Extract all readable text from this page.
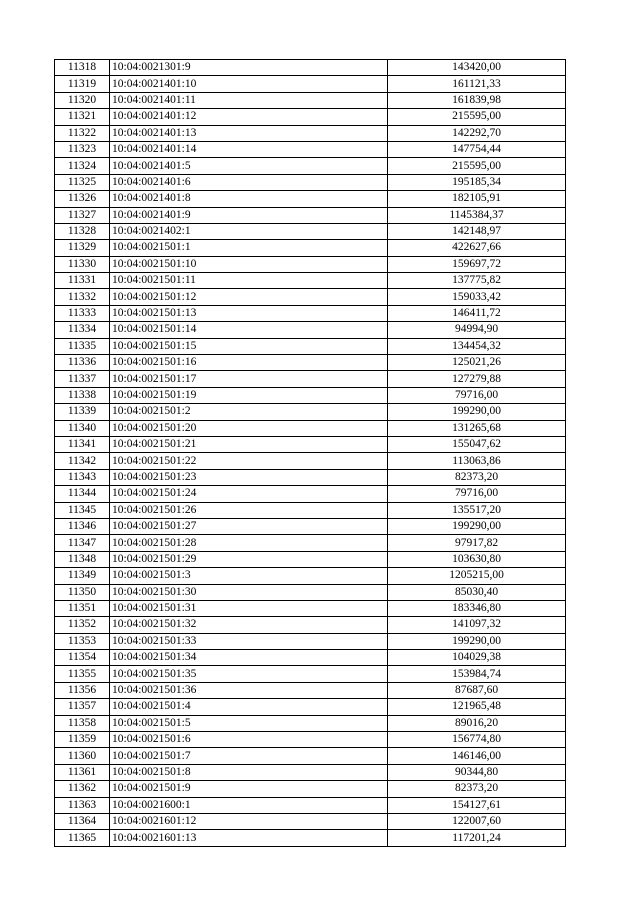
11318	10:04:0021301:9	143420,00
11319	10:04:0021401:10	161121,33
11320	10:04:0021401:11	161839,98
11321	10:04:0021401:12	215595,00
11322	10:04:0021401:13	142292,70
11323	10:04:0021401:14	147754,44
11324	10:04:0021401:5	215595,00
11325	10:04:0021401:6	195185,34
11326	10:04:0021401:8	182105,91
11327	10:04:0021401:9	1145384,37
11328	10:04:0021402:1	142148,97
11329	10:04:0021501:1	422627,66
11330	10:04:0021501:10	159697,72
11331	10:04:0021501:11	137775,82
11332	10:04:0021501:12	159033,42
11333	10:04:0021501:13	146411,72
11334	10:04:0021501:14	94994,90
11335	10:04:0021501:15	134454,32
11336	10:04:0021501:16	125021,26
11337	10:04:0021501:17	127279,88
11338	10:04:0021501:19	79716,00
11339	10:04:0021501:2	199290,00
11340	10:04:0021501:20	131265,68
11341	10:04:0021501:21	155047,62
11342	10:04:0021501:22	113063,86
11343	10:04:0021501:23	82373,20
11344	10:04:0021501:24	79716,00
11345	10:04:0021501:26	135517,20
11346	10:04:0021501:27	199290,00
11347	10:04:0021501:28	97917,82
11348	10:04:0021501:29	103630,80
11349	10:04:0021501:3	1205215,00
11350	10:04:0021501:30	85030,40
11351	10:04:0021501:31	183346,80
11352	10:04:0021501:32	141097,32
11353	10:04:0021501:33	199290,00
11354	10:04:0021501:34	104029,38
11355	10:04:0021501:35	153984,74
11356	10:04:0021501:36	87687,60
11357	10:04:0021501:4	121965,48
11358	10:04:0021501:5	89016,20
11359	10:04:0021501:6	156774,80
11360	10:04:0021501:7	146146,00
11361	10:04:0021501:8	90344,80
11362	10:04:0021501:9	82373,20
11363	10:04:0021600:1	154127,61
11364	10:04:0021601:12	122007,60
11365	10:04:0021601:13	117201,24
